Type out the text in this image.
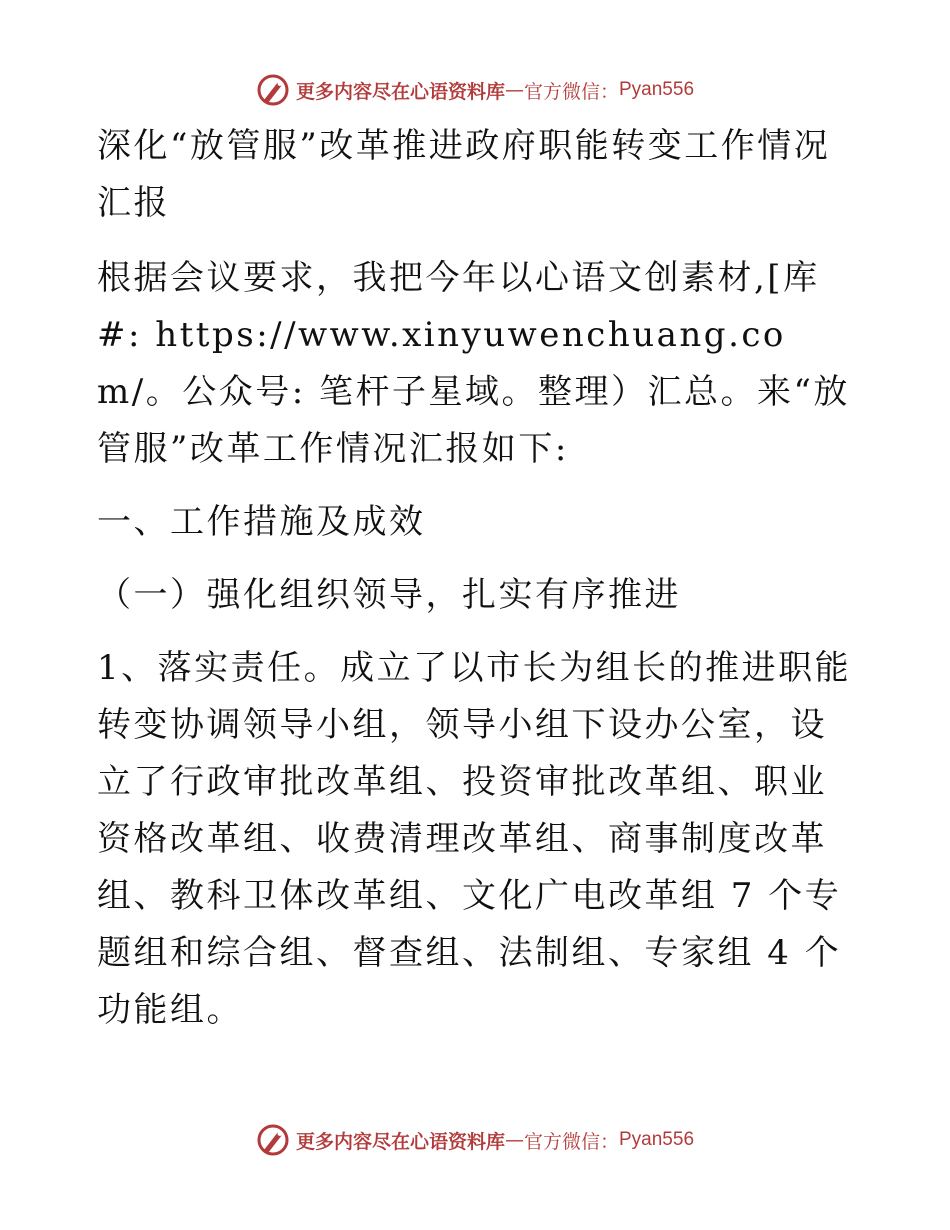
更多内容尽在心语资料库 — 官方微信： Pyan556

深化“放管服”改革推进政府职能转变工作情况汇报

根据会议要求，我把今年以心语文创素材,[库#: https://www.xinyuwenchuang.com/。公众号: 笔杆子星域。整理）汇总。来“放管服”改革工作情况汇报如下:

一、工作措施及成效

（一）强化组织领导，扎实有序推进

1、落实责任。成立了以市长为组长的推进职能转变协调领导小组，领导小组下设办公室，设立了行政审批改革组、投资审批改革组、职业资格改革组、收费清理改革组、商事制度改革组、教科卫体改革组、文化广电改革组 7 个专题组和综合组、督查组、法制组、专家组 4 个功能组。

更多内容尽在心语资料库 — 官方微信： Pyan556
